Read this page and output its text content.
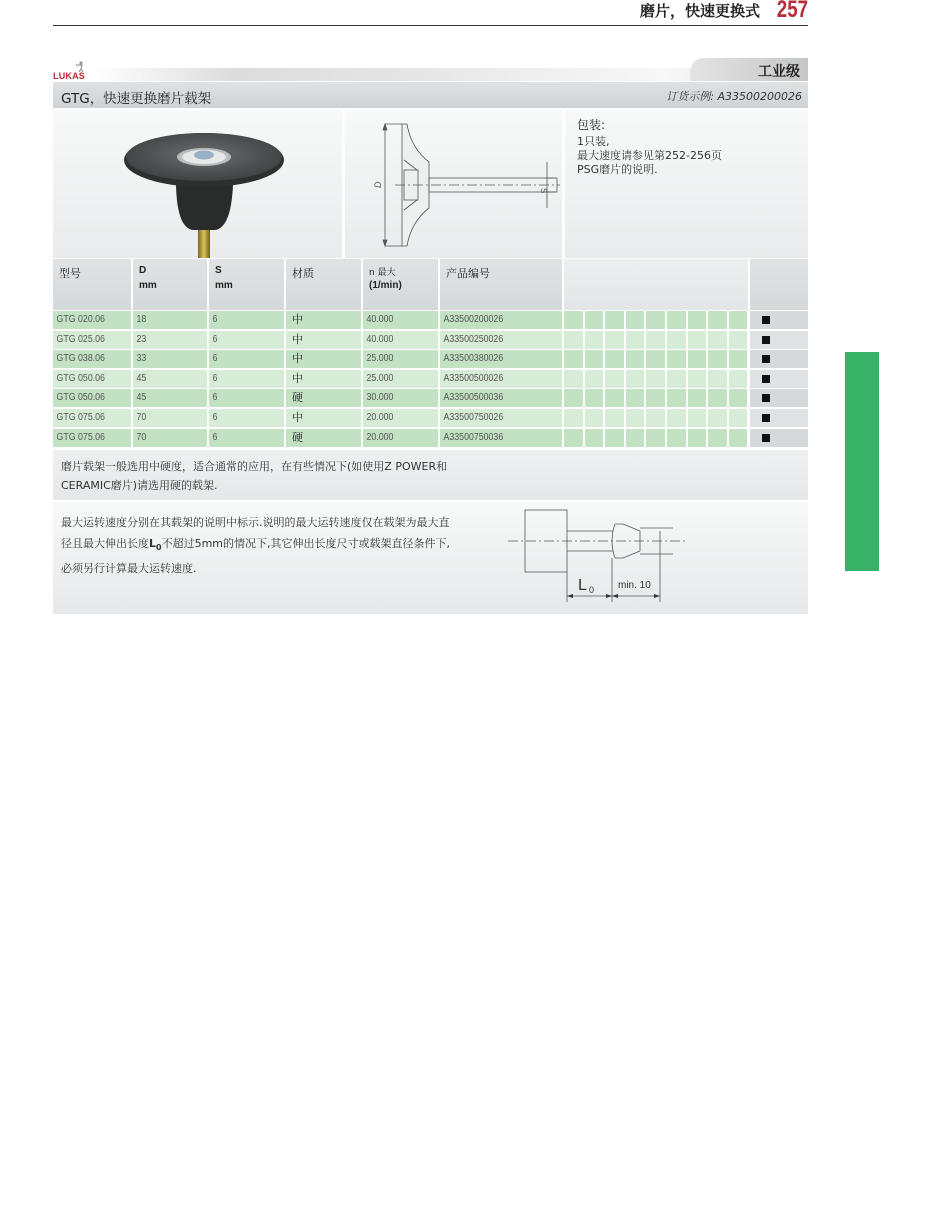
磨片，快速更换式 257
LUKAS	工业级
GTG，快速更换磨片载架	订货示例: A33500200026
D
S
包装:
1只装,
最大速度请参见第252-256页
PSG磨片的说明.
型号	D
mm
S
mm
材质	n 最大
(1/min)
产品编号
GTG 020.06	18	6	中	40.000	A33500200026
GTG 025.06	23	6	中	40.000	A33500250026
GTG 038.06	33	6	中	25.000	A33500380026
GTG 050.06	45	6	中	25.000	A33500500026
GTG 050.06	45	6	硬	30.000	A33500500036
GTG 075.06	70	6	中	20.000	A33500750026
GTG 075.06	70	6	硬	20.000	A33500750036
磨片载架一般选用中硬度，适合通常的应用，在有些情况下(如使用Z POWER和
CERAMIC磨片)请选用硬的载架.
最大运转速度分别在其载架的说明中标示.说明的最大运转速度仅在载架为最大直
径且最大伸出长度$L_0$不超过5mm的情况下,其它伸出长度尺寸或载架直径条件下,
必须另行计算最大运转速度.
L 0 min. 10
